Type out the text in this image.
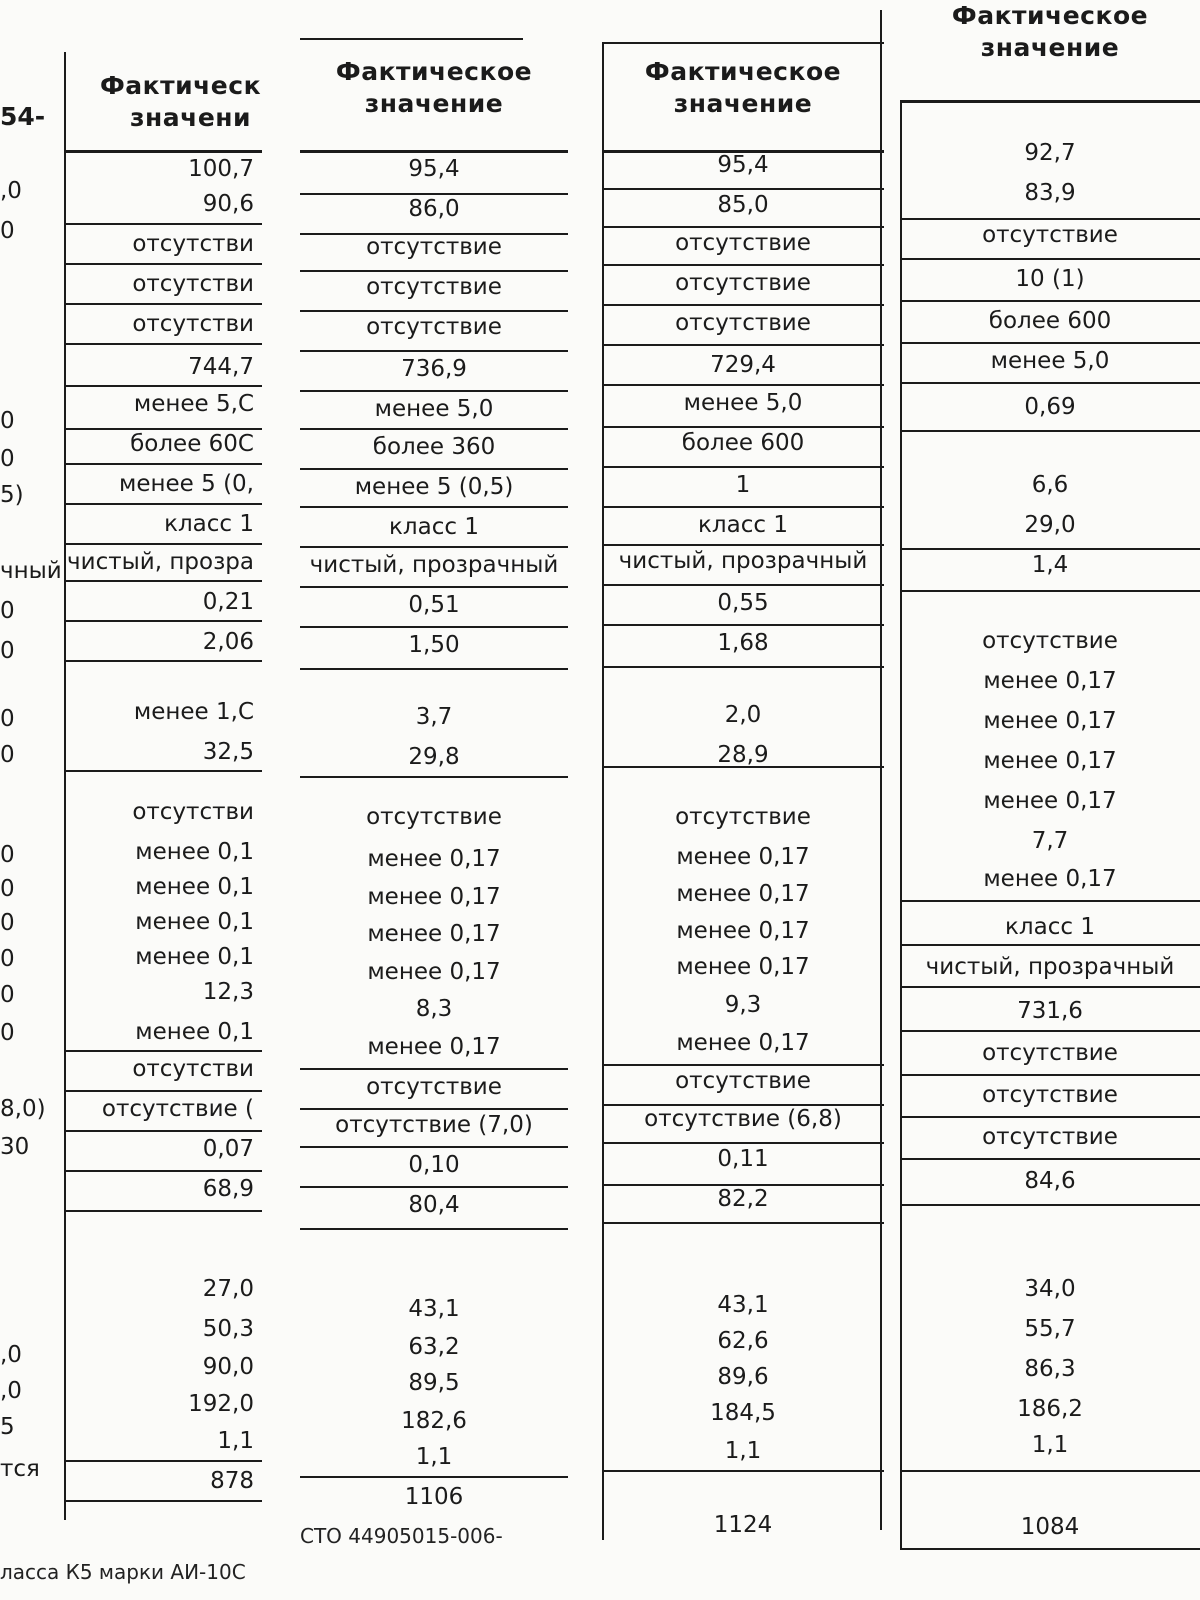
Фактическ
значени
100,7
90,6
отсутстви
отсутстви
отсутстви
744,7
менее 5,С
более 60С
менее 5 (0,
класс 1
чистый, прозра
0,21
2,06
менее 1,С
32,5
отсутстви
менее 0,1
менее 0,1
менее 0,1
менее 0,1
12,3
менее 0,1
отсутстви
отсутствие (
0,07
68,9
27,0
50,3
90,0
192,0
1,1
878
54-
,0
0
0
0
5)
чный
0
0
0
0
0
0
0
0
0
0
8,0)
30
,0
,0
5
тся
ласса К5 марки АИ-10С
Фактическое
значение
95,4
86,0
отсутствие
отсутствие
отсутствие
736,9
менее 5,0
более 360
менее 5 (0,5)
класс 1
чистый, прозрачный
0,51
1,50
3,7
29,8
отсутствие
менее 0,17
менее 0,17
менее 0,17
менее 0,17
8,3
менее 0,17
отсутствие
отсутствие (7,0)
0,10
80,4
43,1
63,2
89,5
182,6
1,1
1106
СТО 44905015-006-
Фактическое
значение
95,4
85,0
отсутствие
отсутствие
отсутствие
729,4
менее 5,0
более 600
1
класс 1
чистый, прозрачный
0,55
1,68
2,0
28,9
отсутствие
менее 0,17
менее 0,17
менее 0,17
менее 0,17
9,3
менее 0,17
отсутствие
отсутствие (6,8)
0,11
82,2
43,1
62,6
89,6
184,5
1,1
1124
Фактическое
значение
92,7
83,9
отсутствие
10 (1)
более 600
менее 5,0
0,69
6,6
29,0
1,4
отсутствие
менее 0,17
менее 0,17
менее 0,17
менее 0,17
7,7
менее 0,17
класс 1
чистый, прозрачный
731,6
отсутствие
отсутствие
отсутствие
84,6
34,0
55,7
86,3
186,2
1,1
1084
